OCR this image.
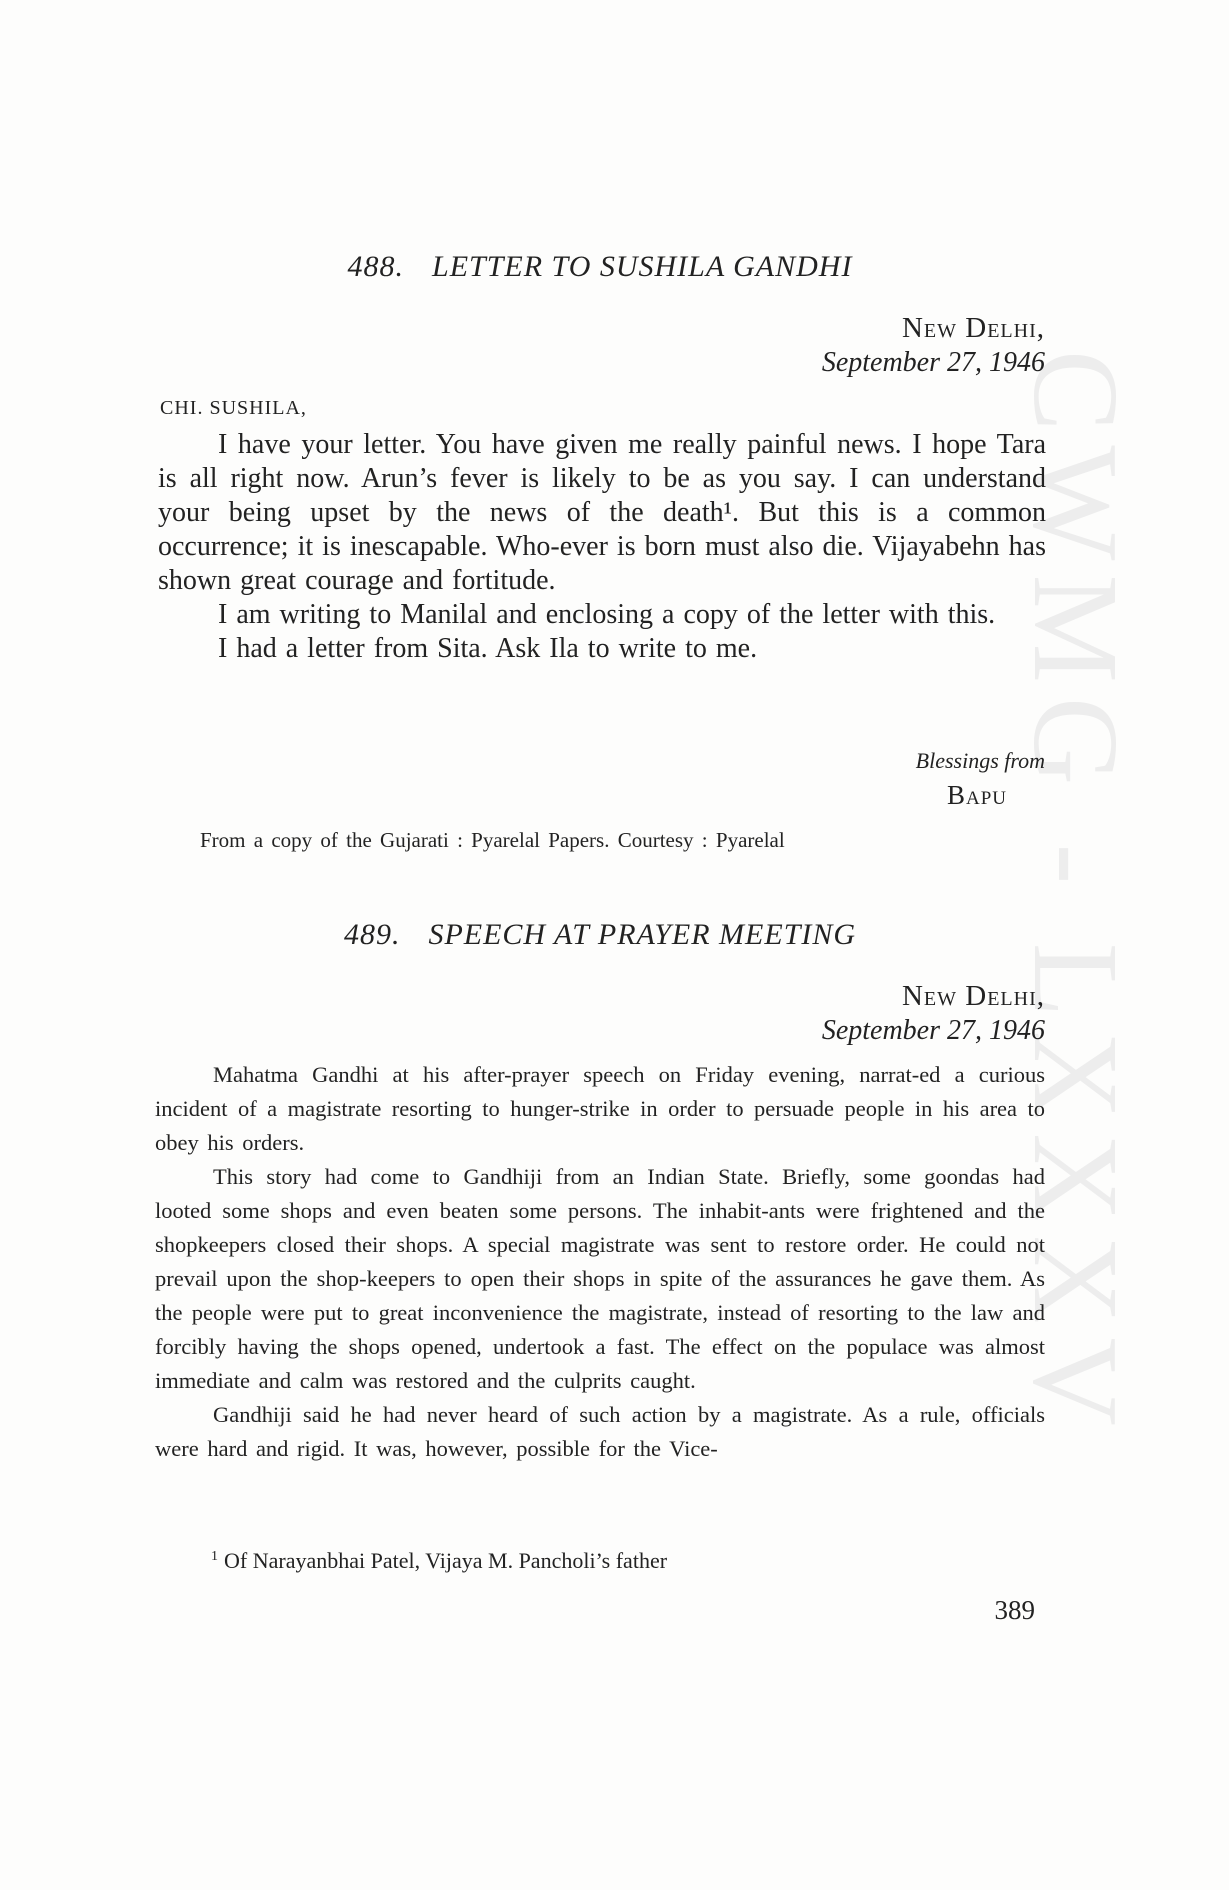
CWMG - LXXXV
488. LETTER TO SUSHILA GANDHI
New Delhi,
September 27, 1946
CHI. SUSHILA,

I have your letter. You have given me really painful news. I hope Tara is all right now. Arun’s fever is likely to be as you say. I can understand your being upset by the news of the death¹. But this is a common occurrence; it is inescapable. Who-ever is born must also die. Vijayabehn has shown great courage and fortitude.

I am writing to Manilal and enclosing a copy of the letter with this.

I had a letter from Sita. Ask Ila to write to me.

Blessings from
Bapu
From a copy of the Gujarati : Pyarelal Papers. Courtesy : Pyarelal
489. SPEECH AT PRAYER MEETING
New Delhi,
September 27, 1946

Mahatma Gandhi at his after-prayer speech on Friday evening, narrat-ed a curious incident of a magistrate resorting to hunger-strike in order to persuade people in his area to obey his orders.

This story had come to Gandhiji from an Indian State. Briefly, some goondas had looted some shops and even beaten some persons. The inhabit-ants were frightened and the shopkeepers closed their shops. A special magistrate was sent to restore order. He could not prevail upon the shop-keepers to open their shops in spite of the assurances he gave them. As the people were put to great inconvenience the magistrate, instead of resorting to the law and forcibly having the shops opened, undertook a fast. The effect on the populace was almost immediate and calm was restored and the culprits caught.

Gandhiji said he had never heard of such action by a magistrate. As a rule, officials were hard and rigid. It was, however, possible for the Vice-

$^1$ Of Narayanbhai Patel, Vijaya M. Pancholi’s father
389
